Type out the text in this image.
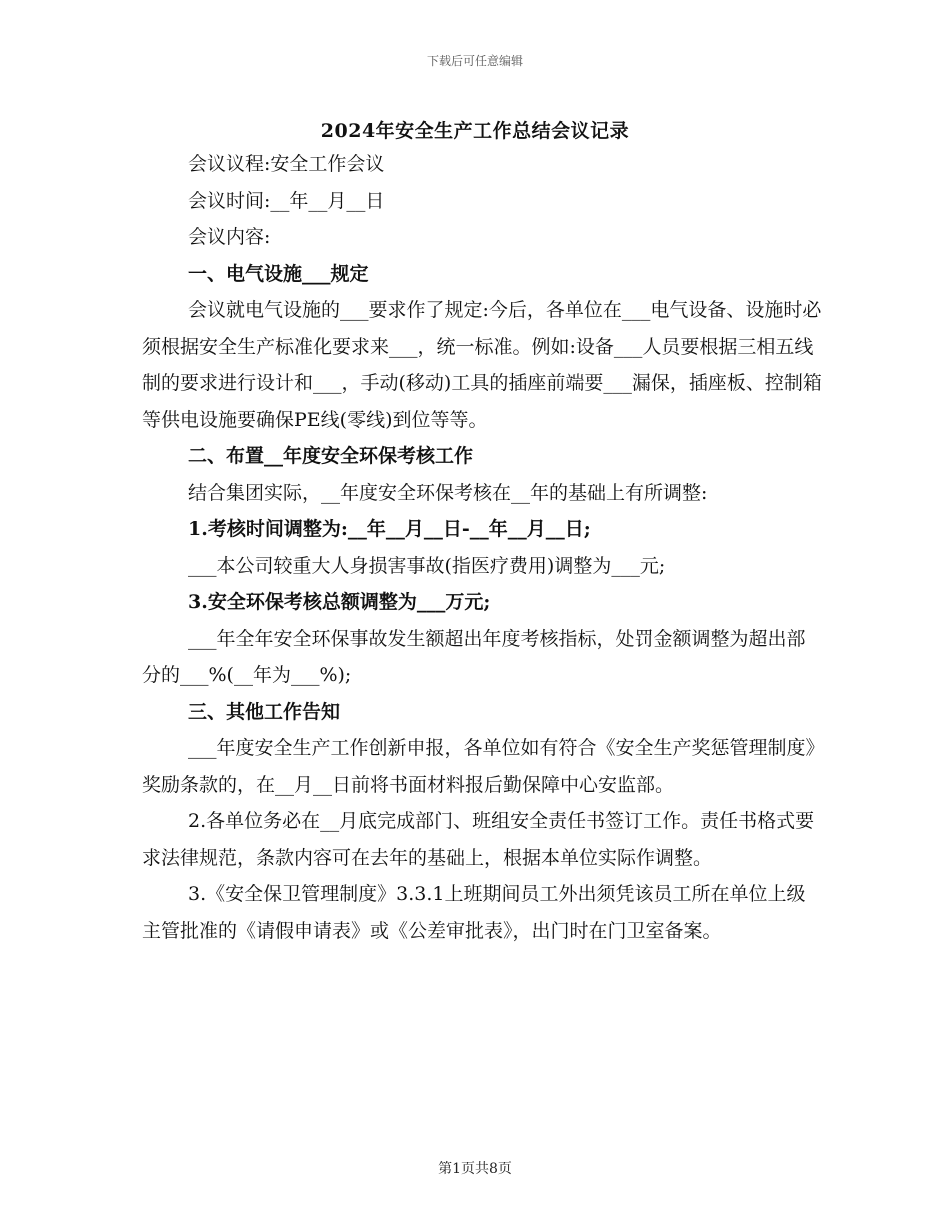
下载后可任意编辑
2024年安全生产工作总结会议记录

会议议程:安全工作会议

会议时间:__年__月__日

会议内容:

一、电气设施___规定

会议就电气设施的___要求作了规定:今后，各单位在___电气设备、设施时必须根据安全生产标准化要求来___，统一标准。例如:设备___人员要根据三相五线制的要求进行设计和___，手动(移动)工具的插座前端要___漏保，插座板、控制箱等供电设施要确保PE线(零线)到位等等。

二、布置__年度安全环保考核工作

结合集团实际，__年度安全环保考核在__年的基础上有所调整:

1.考核时间调整为:__年__月__日-__年__月__日;

___本公司较重大人身损害事故(指医疗费用)调整为___元;

3.安全环保考核总额调整为___万元;

___年全年安全环保事故发生额超出年度考核指标，处罚金额调整为超出部分的___%(__年为___%);

三、其他工作告知

___年度安全生产工作创新申报，各单位如有符合《安全生产奖惩管理制度》奖励条款的，在__月__日前将书面材料报后勤保障中心安监部。

2.各单位务必在__月底完成部门、班组安全责任书签订工作。责任书格式要求法律规范，条款内容可在去年的基础上，根据本单位实际作调整。

3.《安全保卫管理制度》3.3.1上班期间员工外出须凭该员工所在单位上级主管批准的《请假申请表》或《公差审批表》，出门时在门卫室备案。

第1页共8页
